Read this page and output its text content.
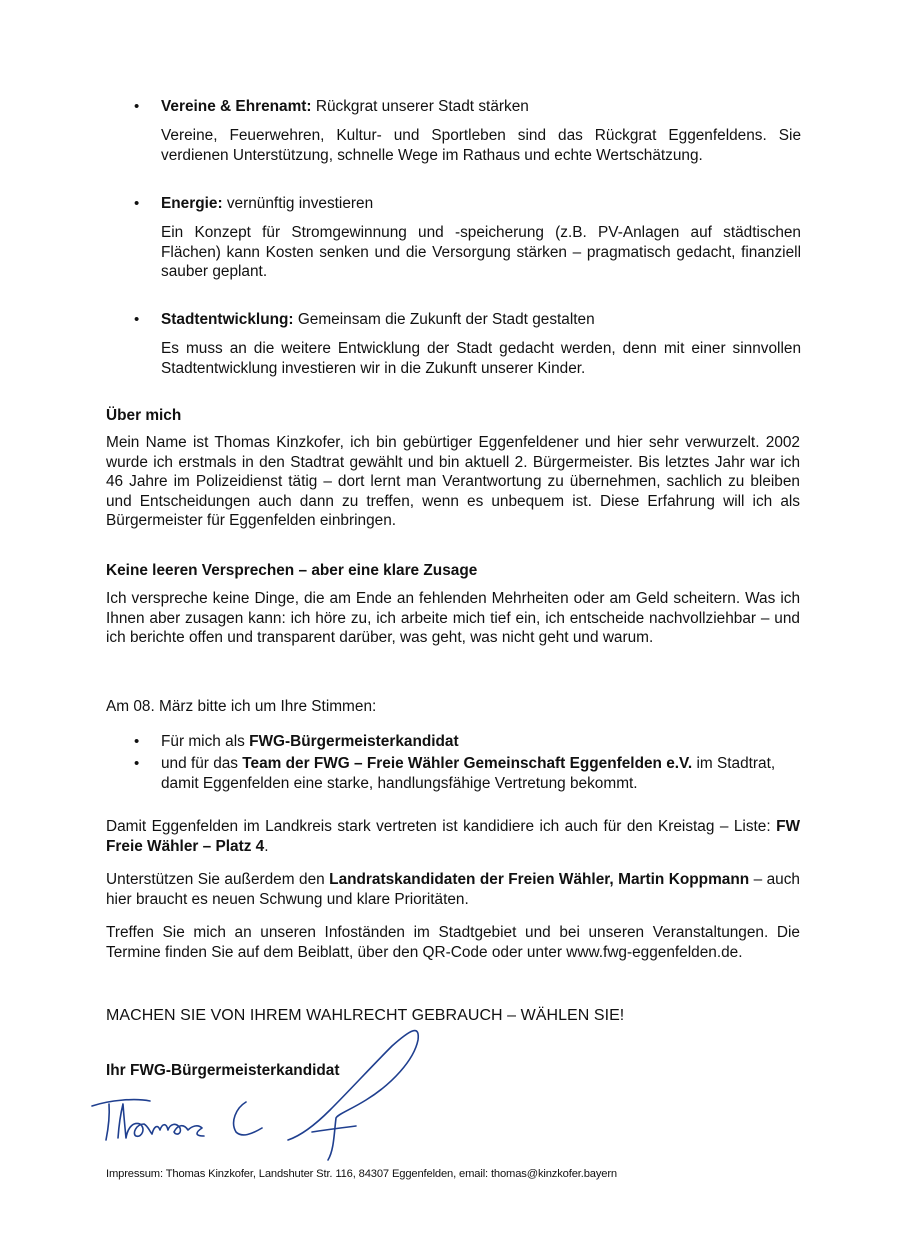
• Vereine & Ehrenamt: Rückgrat unserer Stadt stärken
Vereine, Feuerwehren, Kultur- und Sportleben sind das Rückgrat Eggenfeldens. Sie verdienen Unterstützung, schnelle Wege im Rathaus und echte Wertschätzung.
• Energie: vernünftig investieren
Ein Konzept für Stromgewinnung und -speicherung (z.B. PV-Anlagen auf städtischen Flächen) kann Kosten senken und die Versorgung stärken – pragmatisch gedacht, finanziell sauber geplant.
• Stadtentwicklung: Gemeinsam die Zukunft der Stadt gestalten
Es muss an die weitere Entwicklung der Stadt gedacht werden, denn mit einer sinnvollen Stadtentwicklung investieren wir in die Zukunft unserer Kinder.
Über mich
Mein Name ist Thomas Kinzkofer, ich bin gebürtiger Eggenfeldener und hier sehr verwurzelt. 2002 wurde ich erstmals in den Stadtrat gewählt und bin aktuell 2. Bürgermeister. Bis letztes Jahr war ich 46 Jahre im Polizeidienst tätig – dort lernt man Verantwortung zu übernehmen, sachlich zu bleiben und Entscheidungen auch dann zu treffen, wenn es unbequem ist. Diese Erfahrung will ich als Bürgermeister für Eggenfelden einbringen.
Keine leeren Versprechen – aber eine klare Zusage
Ich verspreche keine Dinge, die am Ende an fehlenden Mehrheiten oder am Geld scheitern. Was ich Ihnen aber zusagen kann: ich höre zu, ich arbeite mich tief ein, ich entscheide nachvollziehbar – und ich berichte offen und transparent darüber, was geht, was nicht geht und warum.
Am 08. März bitte ich um Ihre Stimmen:
• Für mich als FWG-Bürgermeisterkandidat
• und für das Team der FWG – Freie Wähler Gemeinschaft Eggenfelden e.V. im Stadtrat, damit Eggenfelden eine starke, handlungsfähige Vertretung bekommt.
Damit Eggenfelden im Landkreis stark vertreten ist kandidiere ich auch für den Kreistag – Liste: FW Freie Wähler – Platz 4.
Unterstützen Sie außerdem den Landratskandidaten der Freien Wähler, Martin Koppmann – auch hier braucht es neuen Schwung und klare Prioritäten.
Treffen Sie mich an unseren Infoständen im Stadtgebiet und bei unseren Veranstaltungen. Die Termine finden Sie auf dem Beiblatt, über den QR-Code oder unter www.fwg-eggenfelden.de.
MACHEN SIE VON IHREM WAHLRECHT GEBRAUCH – WÄHLEN SIE!
Ihr FWG-Bürgermeisterkandidat
Impressum: Thomas Kinzkofer, Landshuter Str. 116, 84307 Eggenfelden, email: thomas@kinzkofer.bayern
